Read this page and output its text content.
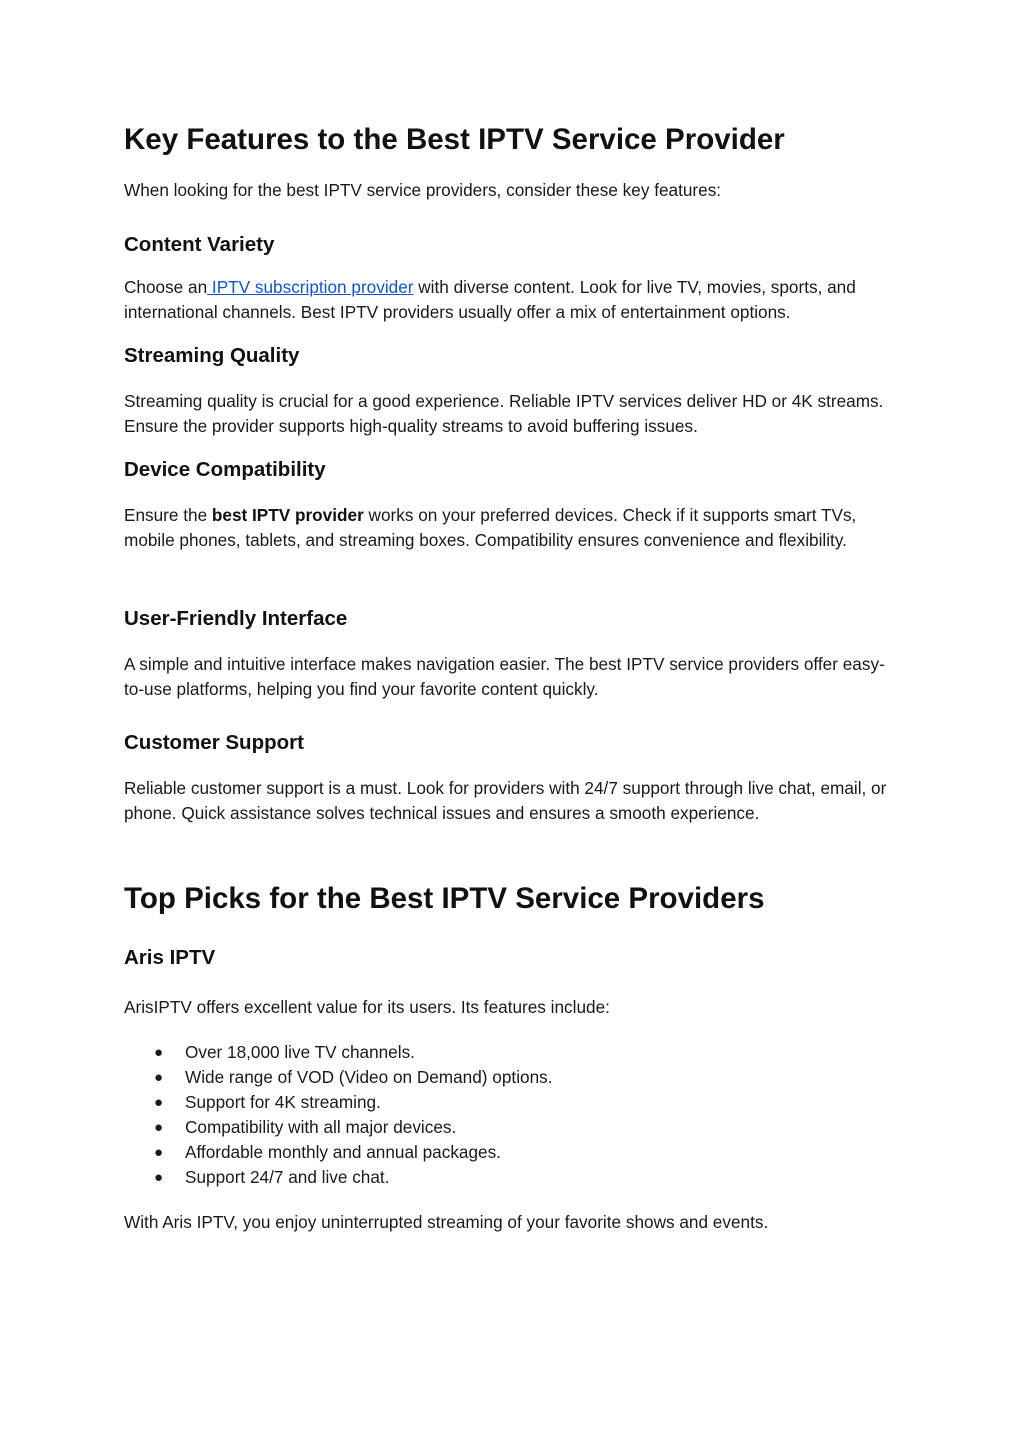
Key Features to the Best IPTV Service Provider

When looking for the best IPTV service providers, consider these key features:

Content Variety

Choose an IPTV subscription provider with diverse content. Look for live TV, movies, sports, and international channels. Best IPTV providers usually offer a mix of entertainment options.

Streaming Quality

Streaming quality is crucial for a good experience. Reliable IPTV services deliver HD or 4K streams. Ensure the provider supports high-quality streams to avoid buffering issues.

Device Compatibility

Ensure the best IPTV provider works on your preferred devices. Check if it supports smart TVs, mobile phones, tablets, and streaming boxes. Compatibility ensures convenience and flexibility.

User-Friendly Interface

A simple and intuitive interface makes navigation easier. The best IPTV service providers offer easy-to-use platforms, helping you find your favorite content quickly.

Customer Support

Reliable customer support is a must. Look for providers with 24/7 support through live chat, email, or phone. Quick assistance solves technical issues and ensures a smooth experience.

Top Picks for the Best IPTV Service Providers
Aris IPTV

ArisIPTV offers excellent value for its users. Its features include:

● Over 18,000 live TV channels.
● Wide range of VOD (Video on Demand) options.
● Support for 4K streaming.
● Compatibility with all major devices.
● Affordable monthly and annual packages.
● Support 24/7 and live chat.

With Aris IPTV, you enjoy uninterrupted streaming of your favorite shows and events.
